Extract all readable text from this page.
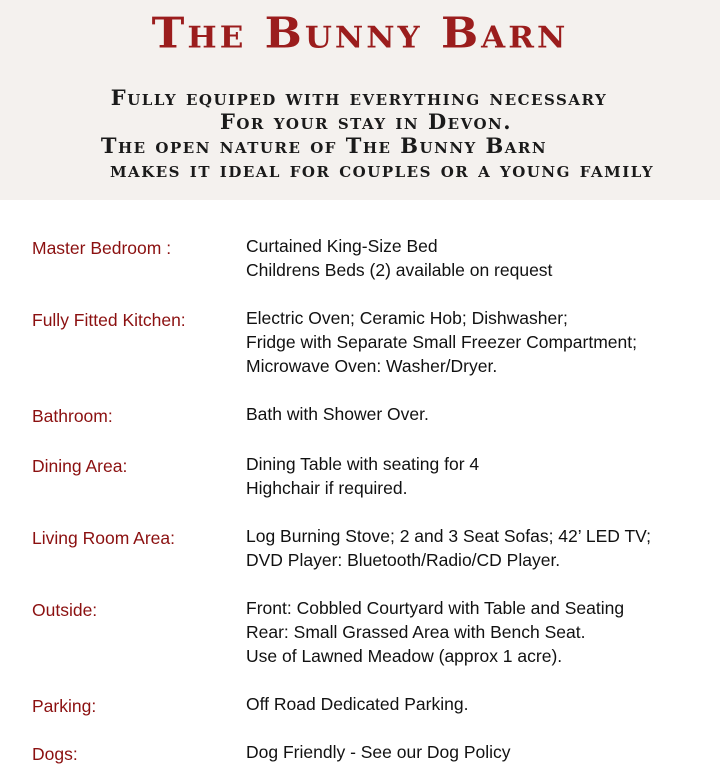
The Bunny Barn
Fully equiped with everything necessary
For your stay in Devon.
The open nature of The Bunny Barn
makes it ideal for couples or a young family
Master Bedroom :	Curtained King-Size Bed
Childrens Beds (2) available on request
Fully Fitted Kitchen:	Electric Oven; Ceramic Hob; Dishwasher;
Fridge with Separate Small Freezer Compartment;
Microwave Oven: Washer/Dryer.
Bathroom:	Bath with Shower Over.
Dining Area:	Dining Table with seating for 4
Highchair if required.
Living Room Area:	Log Burning Stove; 2 and 3 Seat Sofas; 42’ LED TV;
DVD Player: Bluetooth/Radio/CD Player.
Outside:	Front: Cobbled Courtyard with Table and Seating
Rear: Small Grassed Area with Bench Seat.
Use of Lawned Meadow (approx 1 acre).
Parking:	Off Road Dedicated Parking.
Dogs:	Dog Friendly - See our Dog Policy
